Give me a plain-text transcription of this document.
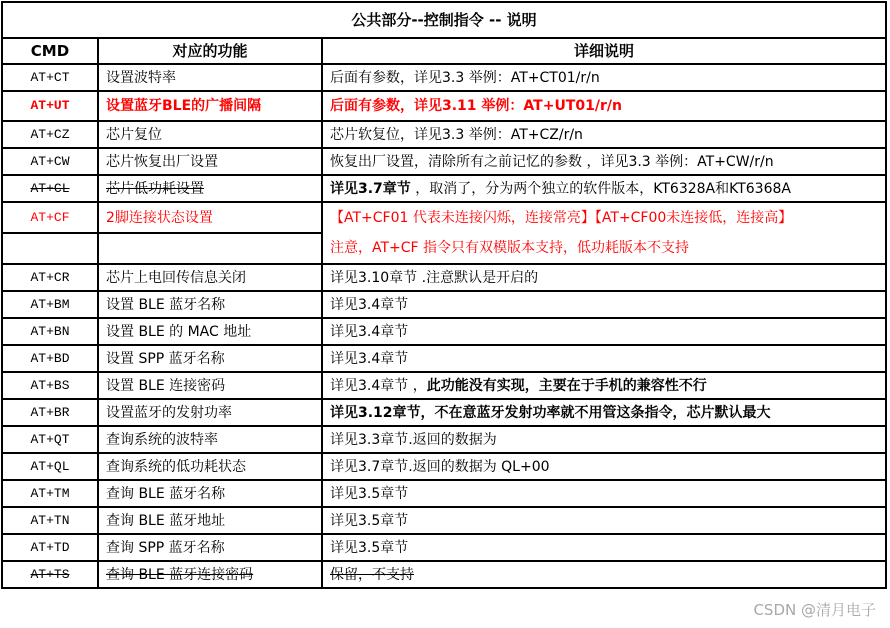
公共部分--控制指令 -- 说明		
CMD	对应的功能	详细说明
AT+CT	设置波特率	后面有参数，详见3.3 举例：AT+CT01/r/n
AT+UT	设置蓝牙BLE的广播间隔	后面有参数，详见3.11 举例：AT+UT01/r/n
AT+CZ	芯片复位	芯片软复位，详见3.3 举例：AT+CZ/r/n
AT+CW	芯片恢复出厂设置	恢复出厂设置，清除所有之前记忆的参数 ，详见3.3 举例：AT+CW/r/n
AT+CL	芯片低功耗设置	详见3.7章节 ，取消了，分为两个独立的软件版本，KT6328A和KT6368A
AT+CF	2脚连接状态设置	【AT+CF01 代表未连接闪烁，连接常亮】【AT+CF00未连接低，连接高】
注意，AT+CF 指令只有双模版本支持，低功耗版本不支持

AT+CR	芯片上电回传信息关闭	详见3.10章节 .注意默认是开启的
AT+BM	设置 BLE 蓝牙名称	详见3.4章节
AT+BN	设置 BLE 的 MAC 地址	详见3.4章节
AT+BD	设置 SPP 蓝牙名称	详见3.4章节
AT+BS	设置 BLE 连接密码	详见3.4章节 ，此功能没有实现，主要在于手机的兼容性不行
AT+BR	设置蓝牙的发射功率	详见3.12章节，不在意蓝牙发射功率就不用管这条指令，芯片默认最大
AT+QT	查询系统的波特率	详见3.3章节.返回的数据为
AT+QL	查询系统的低功耗状态	详见3.7章节.返回的数据为 QL+00
AT+TM	查询 BLE 蓝牙名称	详见3.5章节
AT+TN	查询 BLE 蓝牙地址	详见3.5章节
AT+TD	查询 SPP 蓝牙名称	详见3.5章节
AT+TS	查询 BLE 蓝牙连接密码	保留，不支持
CSDN @清月电子
